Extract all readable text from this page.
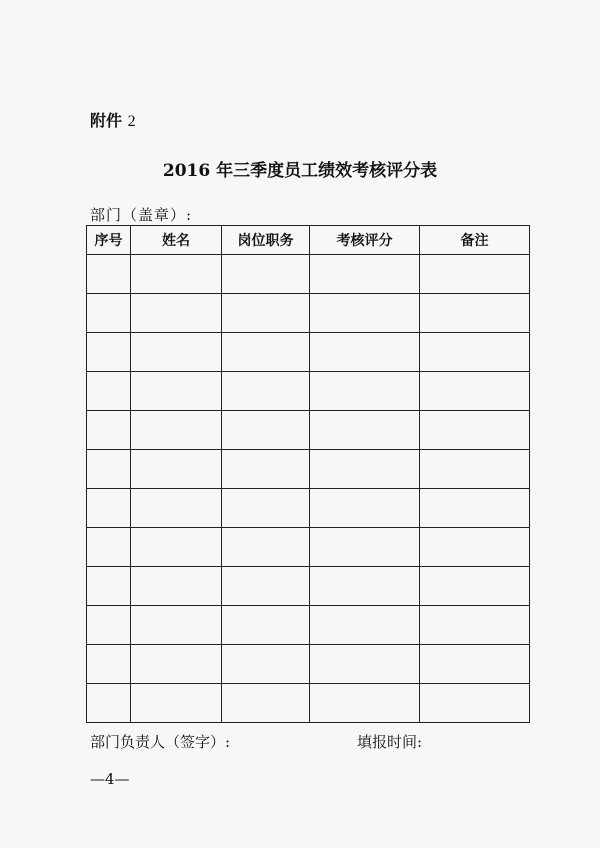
附件 2
2016 年三季度员工绩效考核评分表
部门（盖章）:
序号	姓名	岗位职务	考核评分	备注

部门负责人（签字）:	填报时间:
—4—
